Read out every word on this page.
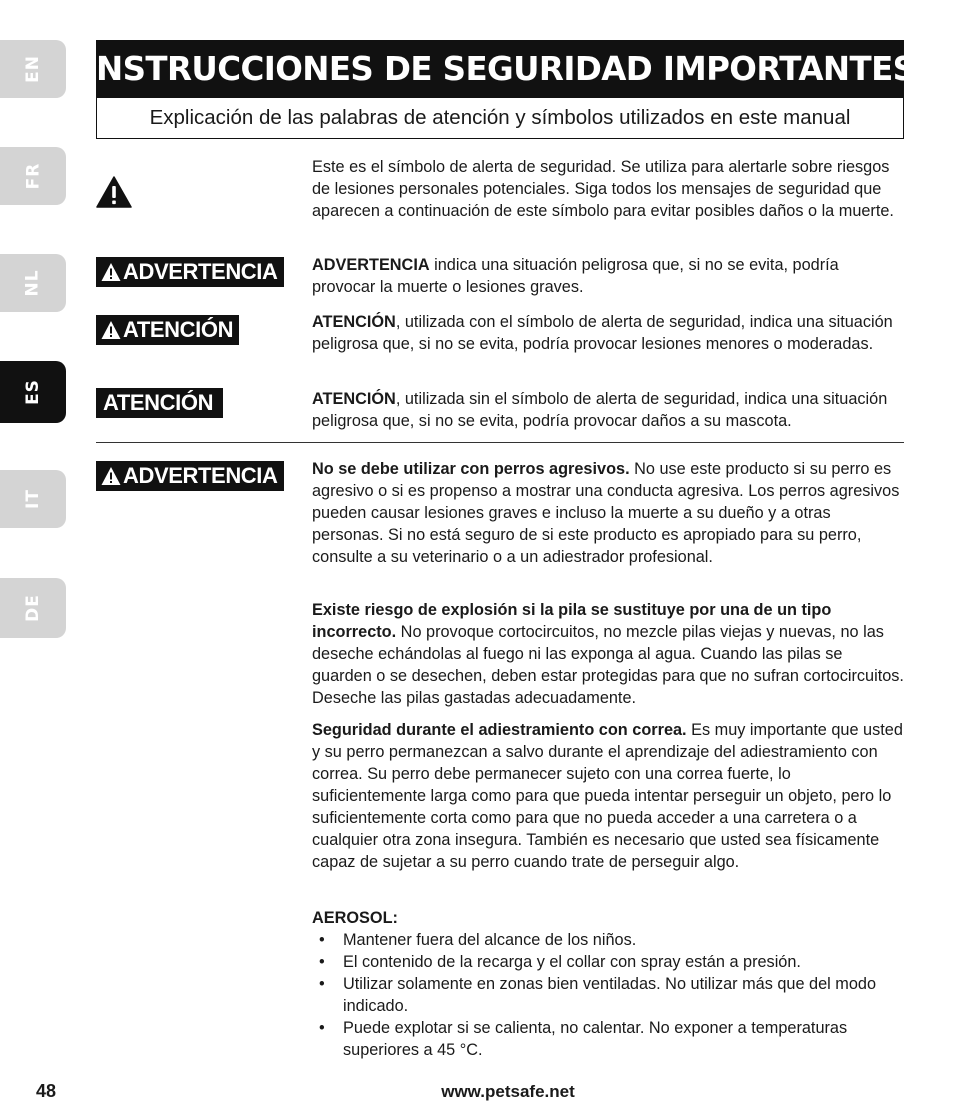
EN
FR
NL
ES
IT
DE
INSTRUCCIONES DE SEGURIDAD IMPORTANTES
Explicación de las palabras de atención y símbolos utilizados en este manual
Este es el símbolo de alerta de seguridad. Se utiliza para alertarle sobre riesgos de lesiones personales potenciales. Siga todos los mensajes de seguridad que aparecen a continuación de este símbolo para evitar posibles daños o la muerte.
ADVERTENCIA ADVERTENCIA indica una situación peligrosa que, si no se evita, podría provocar la muerte o lesiones graves.
ATENCIÓN	ATENCIÓN, utilizada con el símbolo de alerta de seguridad, indica una situación peligrosa que, si no se evita, podría provocar lesiones menores o moderadas.
ATENCIÓN	ATENCIÓN, utilizada sin el símbolo de alerta de seguridad, indica una situación peligrosa que, si no se evita, podría provocar daños a su mascota.
ADVERTENCIA No se debe utilizar con perros agresivos. No use este producto si su perro es agresivo o si es propenso a mostrar una conducta agresiva. Los perros agresivos pueden causar lesiones graves e incluso la muerte a su dueño y a otras personas. Si no está seguro de si este producto es apropiado para su perro, consulte a su veterinario o a un adiestrador profesional.
Existe riesgo de explosión si la pila se sustituye por una de un tipo incorrecto. No provoque cortocircuitos, no mezcle pilas viejas y nuevas, no las deseche echándolas al fuego ni las exponga al agua. Cuando las pilas se guarden o se desechen, deben estar protegidas para que no sufran cortocircuitos. Deseche las pilas gastadas adecuadamente.
Seguridad durante el adiestramiento con correa. Es muy importante que usted y su perro permanezcan a salvo durante el aprendizaje del adiestramiento con correa. Su perro debe permanecer sujeto con una correa fuerte, lo suficientemente larga como para que pueda intentar perseguir un objeto, pero lo suficientemente corta como para que no pueda acceder a una carretera o a cualquier otra zona insegura. También es necesario que usted sea físicamente capaz de sujetar a su perro cuando trate de perseguir algo.
AEROSOL:
• Mantener fuera del alcance de los niños.
• El contenido de la recarga y el collar con spray están a presión.
• Utilizar solamente en zonas bien ventiladas. No utilizar más que del modo indicado.
• Puede explotar si se calienta, no calentar. No exponer a temperaturas superiores a 45 °C.
48	www.petsafe.net
